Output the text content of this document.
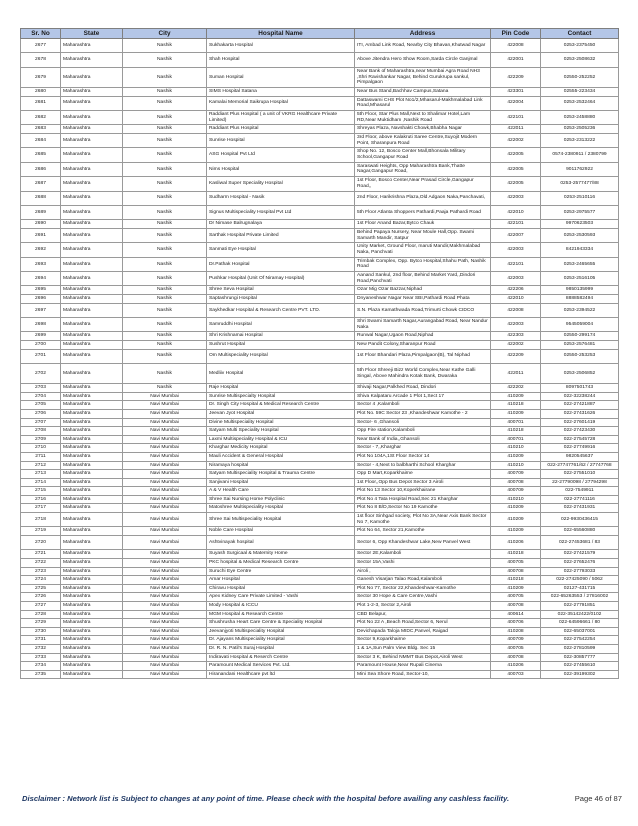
Sr. No	State	City	Hospital Name	Address	Pin Code	Contact
2677	Maharashtra	Nashik	Sukhakarta Hospital	ITI, Ambad Link Road, Nearby City Bhavan,Khutwad Nagar	422008	0253-2375450
2678	Maharashtra	Nashik	Shah Hospital	Above Jitendra Hero Show Room,Sarda Circle Ganjmal	422001	0253-2508632
2679	Maharashtra	Nashik	Suman Hospital	Near Bank of Maharashtra,near Mumbai Agra Road NH3 ,Shri Ravishankar Nagar, Behind Gurukrupa sankul, Pimpalgaon	422209	02550-252252
2680	Maharashtra	Nashik	SIMS Hospital Satana	Near Bus Stand,Bachhav Campus,Satana	423301	02555-223434
2681	Maharashtra	Nashik	Kamalai Memorial Saikrupa Hospital	Dattaswami CHS Plot No1/2,Mhasarul-Makhmalabad Link Road,Mhasarul	422004	0253-2532464
2682	Maharashtra	Nashik	Raddiant Plus Hospital ( a unit of VKRG Healthcare Private Limited)	5th Floor, Star Plus Mall,Next to Shalimar Hotel,Lam RD,Near Muktidham ,Nashik Road	422101	0253-2458880
2683	Maharashtra	Nashik	Raddiant Plus Hospital	Shreyas Plaza, Navshakti Chowk,Bhabha Nagar	422011	0253-2505236
2684	Maharashtra	Nashik	Sunrise Hospital	3rd Floor, above Kalakruti Saree Centre,Suyojit Modern Point, Sharanpura Road	422002	0253-2313222
2685	Maharashtra	Nashik	ASG Hospital Pvt Ltd	Shop No. 12, Bosco Center Mall,Bhonsala Military School,Gangapur Road	422005	0574-2380911 / 2380799
2686	Maharashtra	Nashik	Nims Hospital	Saraswati Heights, Opp Maharashtra Bank,Thatte Nagar,Gangapur Road,	422005	9011762922
2687	Maharashtra	Nashik	Kasliwal Super Speciality Hospital	1st Floor, Bosco Center,Near Prasad Circle,Gangapur Road,,	422005	0253-2577477/88
2688	Maharashtra	Nashik	Sudharm Hospital - Nasik	2nd Floor, Harikrishna Plaza,Old Adgaon Naka,Panchavati,	422003	0253-2510116
2689	Maharashtra	Nashik	Signus Multispeciality Hospital Pvt Ltd	5th Floor Atlanta Shoppers Pathardi,Paaja Pathardi Road	422010	0253-2975577
2690	Maharashtra	Nashik	Dr Nimase Balrugnalaya	1st Floor Anand Bazar,Bytco Chauk	422101	9970623503
2691	Maharashtra	Nashik	Sarthak Hospital Private Limited	Behind Papaya Nursery, Near Moule Hall,Opp. Swami Samarth Mandir, Satpur	422007	0253-2530593
2692	Maharashtra	Nashik	Sanmati Eye Hospital	Unity Market, Ground Floor, maruti Mandir,Makhmalabad Naka, Panchvati	422003	8421943334
2693	Maharashtra	Nashik	Dr.Pathak Hospital	Trimbak Complex, Opp. Bytco Hospital,Shahu Path, Nashik Road	422101	0253-2465655
2694	Maharashtra	Nashik	Pushkar Hospital (Unit Of Niramay Hospital)	Aanand Sankul, 2nd floor, Behind Market Yard,,Dindori Road,Panchvati	422003	0253-2516105
2695	Maharashtra	Nashik	Shree Seva Hospital	Ozar Mig Ozar Bazzar,Niphad	422206	9850135999
2696	Maharashtra	Nashik	Saptashrungi Hospital	Dnyaneshwar Nagar Near SBI,Pathardi Road Phata	422010	8888582494
2697	Maharashtra	Nashik	Saykhedkar Hospital & Research Centre PVT. LTD.	S.N. Plaza Kamathwada Road,Trimurti Chowk CIDCO	422008	0253-2394522
2698	Maharashtra	Nashik	Samruddhi Hospital	Shri Swami Samarth Nagar,Aurangabad Road, Near Nandur Naka	422003	9545059004
2699	Maharashtra	Nashik	Shri Krishnamai Hospital	Runwal Nagar,Ugaon Road,Niphad	422303	02550-299174
2700	Maharashtra	Nashik	Sushrut Hospital	New Pandit Colony,Sharanpur Road	422002	0253-2576481
2701	Maharashtra	Nashik	Om Multispeciality Hospital	1st Floor Bhandari Plaza,Pimpalgaon(B), Tal Niphad	422209	02550-253253
2702	Maharashtra	Nashik	Medliiv Hospital	5th Floor Shreeji Bizz World Complex,Near Kathe Galli Singal, Above Mahindra Kotak Bank, Dwaraka	422011	0253-2506852
2703	Maharashtra	Nashik	Raje Hospital	Shivaji Nagar,Palkhed Road, Dindori	422202	8097501743
2704	Maharashtra	Navi Mumbai	Sunrise Multispecialty Hospital	Shiva Kalpataru Arcade 1 Plot 1,Sect 17	410209	022-32238244
2705	Maharashtra	Navi Mumbai	Dr. Singh City Hospital & Medical Research Centre	Sector 4 ,Kalamboli	410218	022-27421887
2706	Maharashtra	Navi Mumbai	Jeevan Jyot Hospital	Plot No. 59C Sector 23 ,Khandeshwar Kamothe - 2	410209	022-27431626
2707	Maharashtra	Navi Mumbai	Divine Multispeciality Hospital	Sector- 6 ,Ghansoli	400701	022-27601419
2708	Maharashtra	Navi Mumbai	Satyam Multi Speciality Hospital	Opp Fire station,Kalamboli	410218	022-27423430
2709	Maharashtra	Navi Mumbai	Laxmi Multispeciality Hospital & ICU	Near Bank of India,,Ghansoli	400701	022-27545728
2710	Maharashtra	Navi Mumbai	Kharghar Medicity Hospital	Sector - 7,,Kharghar	410210	022-27749916
2711	Maharashtra	Navi Mumbai	Mauli Accident & General Hospital	Plot No 104A,1St Floor Sector 14	410209	9820545637
2712	Maharashtra	Navi Mumbai	Niramaya hospital	Sector - 4,Next to balbharthi School Kharghar	410210	022-27747761/62 / 27747768
2713	Maharashtra	Navi Mumbai	Satyam Multispeciality Hospital & Trauma Centre	Opp D Mart,Koparkhairne	400709	022-27551010
2714	Maharashtra	Navi Mumbai	Sanjivani Hospital	1st Floor,,Opp Bus Depot Sector 3 Airoli	400708	22-27790098 / 27794298
2715	Maharashtra	Navi Mumbai	A & V Health Care	Plot No 13 Sector 10,Koperkhairane	400709	022-7549911
2716	Maharashtra	Navi Mumbai	Shree Sai Nursing Home Polyclinic	Plot No 4 Tata Hospital Road,Sec 21 Kharghar	410210	022-27741116
2717	Maharashtra	Navi Mumbai	Matoshree Multispeciality Hospital	Plot No 8 B/D,Sector No 19 Kamothe	410209	022-27431931
2718	Maharashtra	Navi Mumbai	Shree Sai Multispeciality Hospital	1st floor Sinhgad society, Plot No 3A,Near Axis Bank Sector No 7, Kamothe	410209	022-9930436415
2719	Maharashtra	Navi Mumbai	Noble Care Hospital	Plot No 64, Sector 21,Kamothe	410209	022-65560880
2720	Maharashtra	Navi Mumbai	Ashtvinayak hospital	Sector 6, Opp Khandeshwar Lake,New Panvel West	410206	022-27453681 / 83
2721	Maharashtra	Navi Mumbai	Suyash Surgicaal & Maternity Home	Sector 2E,Kalamboli	410218	022-27421579
2722	Maharashtra	Navi Mumbai	PKC hospital & Medical Research Centre	Sector 15A,Vashi	400705	022-27652476
2723	Maharashtra	Navi Mumbai	Suruchi Eye Centre	Airoli ,	400708	022-27793033
2724	Maharashtra	Navi Mumbai	Amar Hospital	Ganesh Visarjan Talao Road,Kalamboli	410218	022-27425090 / 5062
2725	Maharashtra	Navi Mumbai	Chiravu Hospital	Plot No 77, Sector 22,Khandeshwar-Kamothe	410209	02127-431715
2726	Maharashtra	Navi Mumbai	Apex Kidney Care Private Limited - Vashi	Sector 30 Hope & Care Centre,Vashi	400705	022-65263553 / 27816002
2727	Maharashtra	Navi Mumbai	Mody Hospital & ICCU	Plot 1-2-3, Sector 2,Airoli	400708	022-27791851
2728	Maharashtra	Navi Mumbai	MGM Hospital & Research Centre	CBD Belapur,	400614	022-35142422/0102
2729	Maharashtra	Navi Mumbai	Shushrusha Heart Care Centre & Speciality Hospital	Plot No 22 A ,Beach Road,Sector 6, Nerul	400706	022-64596661 / 80
2730	Maharashtra	Navi Mumbai	Jeevanjyoti Multispeciality Hospital	Devichapada Taloja MIDC,Panvel, Raigad	410208	022-65037001
2731	Maharashtra	Navi Mumbai	Dr. Ajayans Multispeciality Hospital	Sector 9,Koparkhairne	400709	022-27542254
2732	Maharashtra	Navi Mumbai	Dr. R. N. Patil's Suraj Hospital	1 & 1A,Sun Palm View Bldg. Sec 15	400705	022-27810599
2733	Maharashtra	Navi Mumbai	Indiravati Hospital & Reserch Centre	Sector 3 K, Behind NMMT Bus Depot,Airoli West	400708	022-30857777
2734	Maharashtra	Navi Mumbai	Paramount Medical Services Pvt. Ltd.	Paramount House,Near Rupali Cinema	410206	022-27455610
2735	Maharashtra	Navi Mumbai	Hiranandani Healthcare pvt ltd	Mini Sea Shore Road, Sector-10,	400703	022-39199302
Disclaimer : Network list is Subject to changes at any point of time. Please check with the hospital before availing any cashless facility.	Page 46 of 87
